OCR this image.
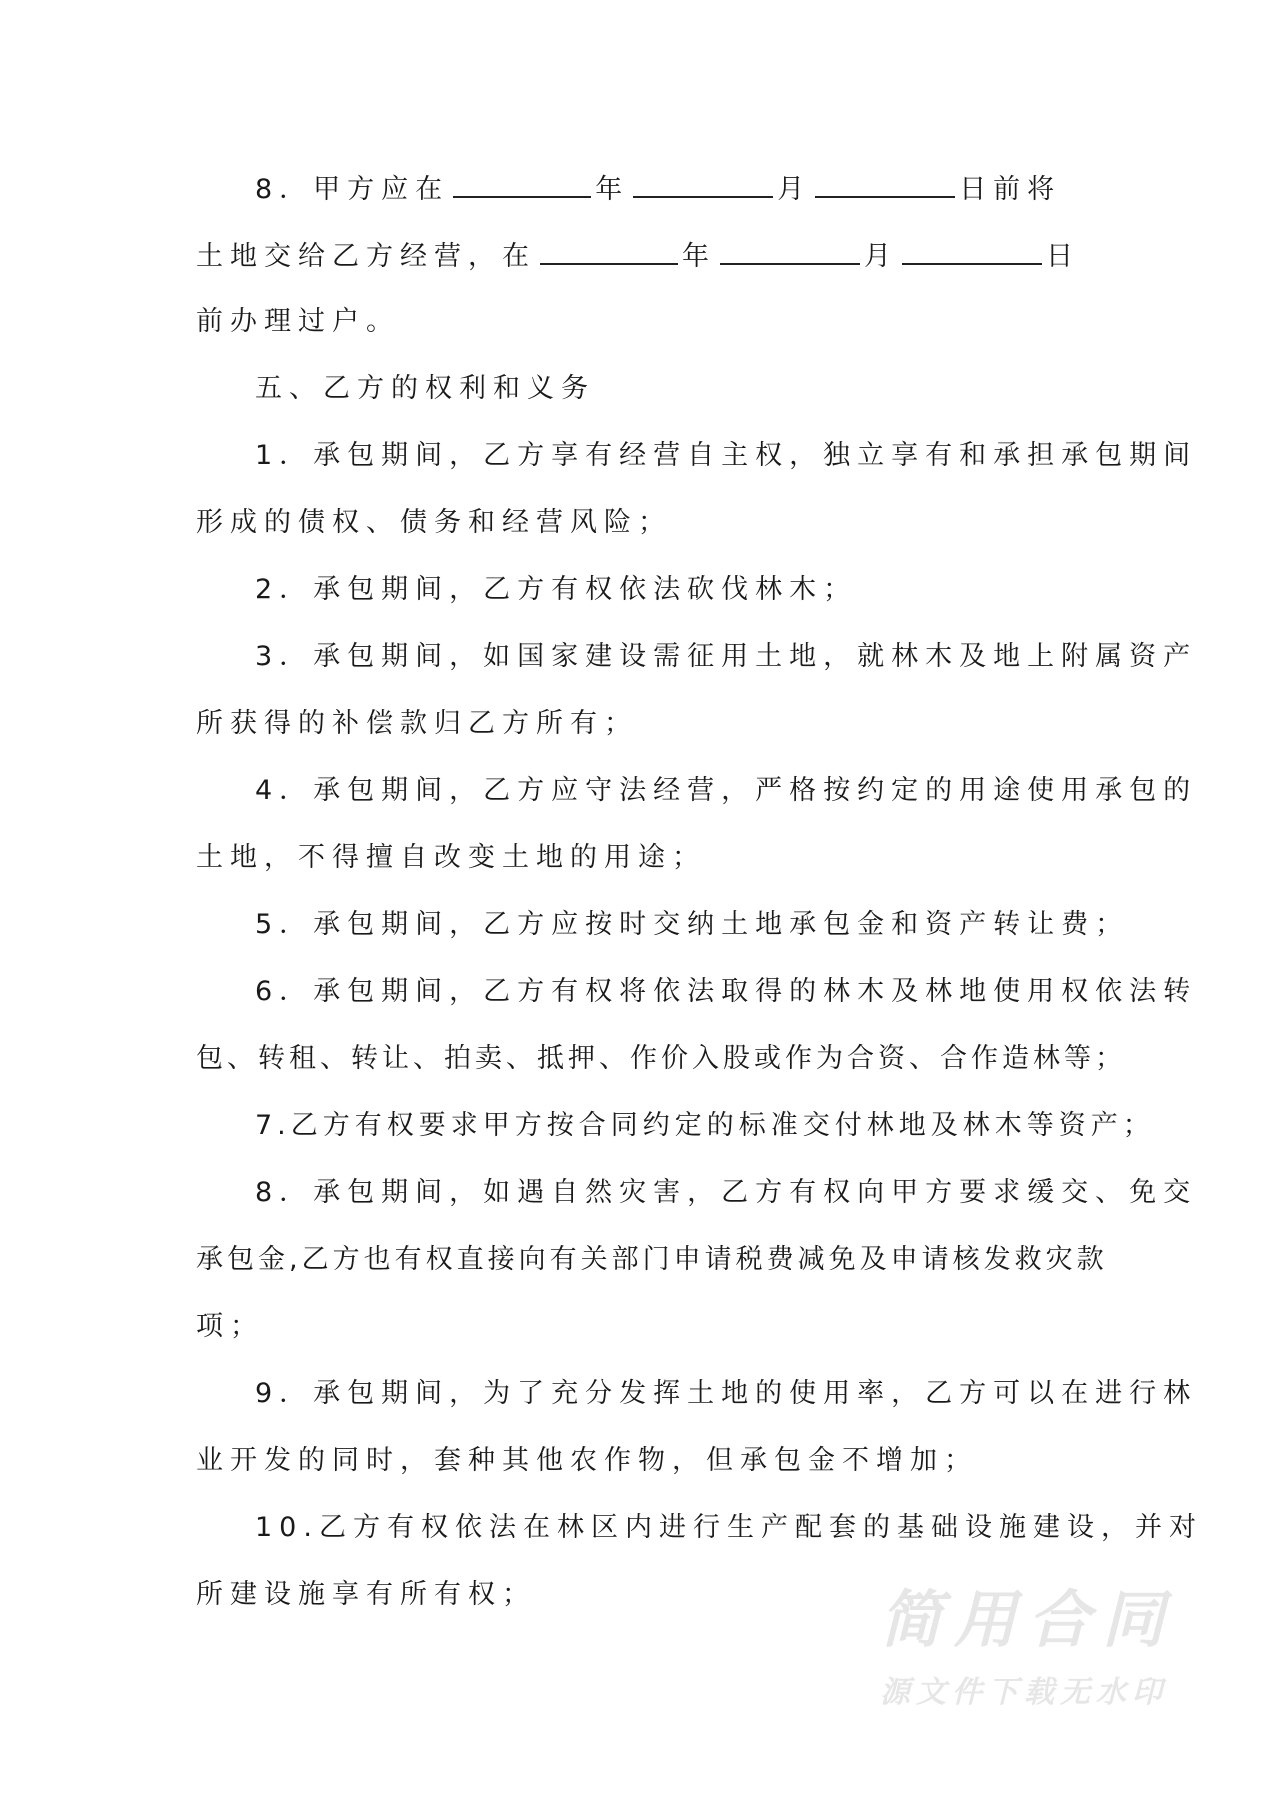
8．甲方应在	年	月	日前将
土地交给乙方经营，在	年	月	日
前办理过户。
五、乙方的权利和义务
1．承包期间，乙方享有经营自主权，独立享有和承担承包期间
形成的债权、债务和经营风险；
2．承包期间，乙方有权依法砍伐林木；
3．承包期间，如国家建设需征用土地，就林木及地上附属资产
所获得的补偿款归乙方所有；
4．承包期间，乙方应守法经营，严格按约定的用途使用承包的
土地，不得擅自改变土地的用途；
5．承包期间，乙方应按时交纳土地承包金和资产转让费；
6．承包期间，乙方有权将依法取得的林木及林地使用权依法转
包、转租、转让、拍卖、抵押、作价入股或作为合资、合作造林等；
7.乙方有权要求甲方按合同约定的标准交付林地及林木等资产；
8．承包期间，如遇自然灾害，乙方有权向甲方要求缓交、免交
承包金,乙方也有权直接向有关部门申请税费减免及申请核发救灾款
项；
9．承包期间，为了充分发挥土地的使用率，乙方可以在进行林
业开发的同时，套种其他农作物，但承包金不增加；
10.乙方有权依法在林区内进行生产配套的基础设施建设，并对
所建设施享有所有权；	简用合同
源文件下载无水印
